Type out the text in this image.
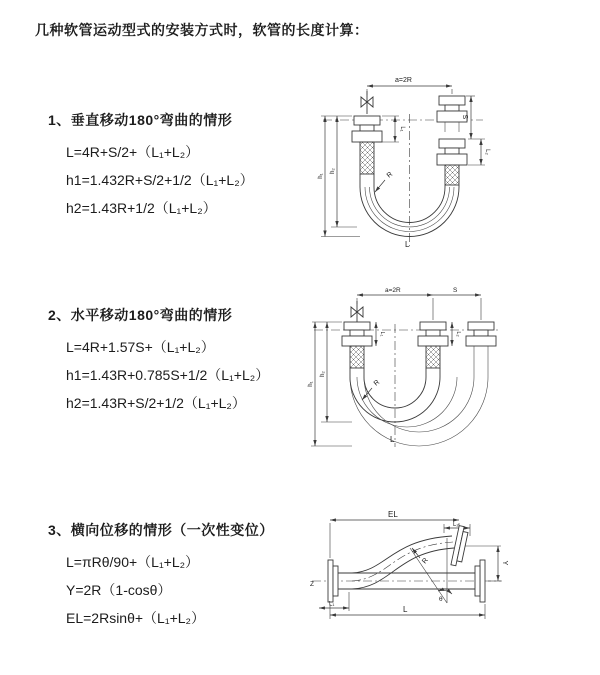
几种软管运动型式的安装方式时，软管的长度计算：
1、垂直移动180°弯曲的情形
L=4R+S/2+（L₁+L₂）
h1=1.432R+S/2+1/2（L₁+L₂）
h2=1.43R+1/2（L₁+L₂）
2、水平移动180°弯曲的情形
L=4R+1.57S+（L₁+L₂）
h1=1.43R+0.785S+1/2（L₁+L₂）
h2=1.43R+S/2+1/2（L₁+L₂）
3、横向位移的情形（一次性变位）
L=πRθ/90+（L₁+L₂）
Y=2R（1-cosθ）
EL=2Rsinθ+（L₁+L₂）
a=2R
L₁
h₁
h₂
S
L₂
R
L
a=2R	S
L₁	L₂
h₁
h₂
R
L
Z
EL
L₂
R
θ
Y
L₁
L
